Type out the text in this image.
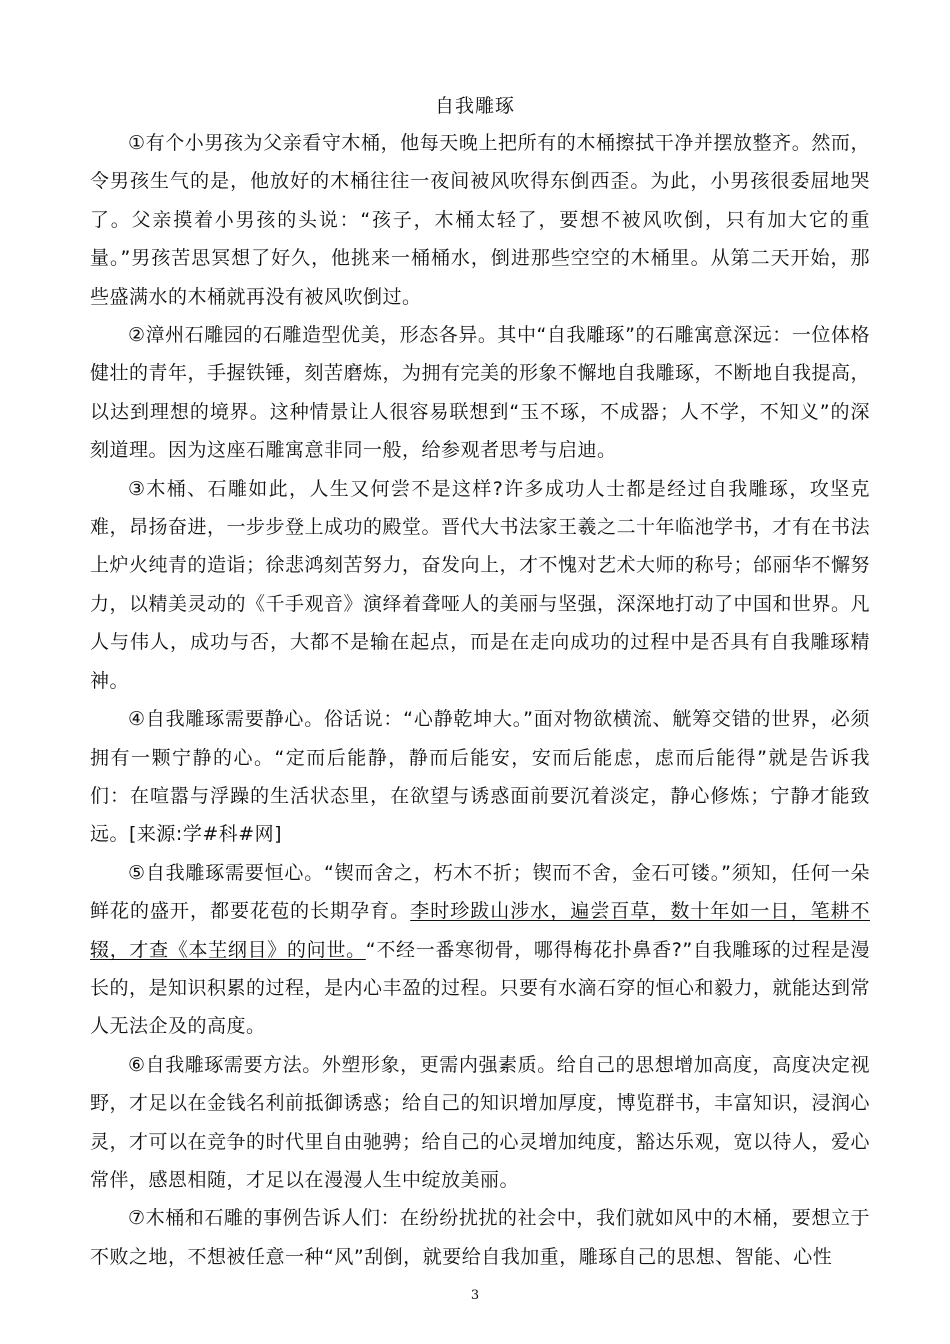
自我雕琢

①有个小男孩为父亲看守木桶，他每天晚上把所有的木桶擦拭干净并摆放整齐。然而，令男孩生气的是，他放好的木桶往往一夜间被风吹得东倒西歪。为此，小男孩很委屈地哭了。父亲摸着小男孩的头说：“孩子，木桶太轻了，要想不被风吹倒，只有加大它的重量。”男孩苦思冥想了好久，他挑来一桶桶水，倒进那些空空的木桶里。从第二天开始，那些盛满水的木桶就再没有被风吹倒过。

②漳州石雕园的石雕造型优美，形态各异。其中“自我雕琢”的石雕寓意深远：一位体格健壮的青年，手握铁锤，刻苦磨炼，为拥有完美的形象不懈地自我雕琢，不断地自我提高，以达到理想的境界。这种情景让人很容易联想到“玉不琢，不成器；人不学，不知义”的深刻道理。因为这座石雕寓意非同一般，给参观者思考与启迪。

③木桶、石雕如此，人生又何尝不是这样?许多成功人士都是经过自我雕琢，攻坚克难，昂扬奋进，一步步登上成功的殿堂。晋代大书法家王羲之二十年临池学书，才有在书法上炉火纯青的造诣；徐悲鸿刻苦努力，奋发向上，才不愧对艺术大师的称号；邰丽华不懈努力，以精美灵动的《千手观音》演绎着聋哑人的美丽与坚强，深深地打动了中国和世界。凡人与伟人，成功与否，大都不是输在起点，而是在走向成功的过程中是否具有自我雕琢精神。

④自我雕琢需要静心。俗话说：“心静乾坤大。”面对物欲横流、觥筹交错的世界，必须拥有一颗宁静的心。“定而后能静，静而后能安，安而后能虑，虑而后能得”就是告诉我们：在喧嚣与浮躁的生活状态里，在欲望与诱惑面前要沉着淡定，静心修炼；宁静才能致远。[来源:学#科#网]

⑤自我雕琢需要恒心。“锲而舍之，朽木不折；锲而不舍，金石可镂。”须知，任何一朵鲜花的盛开，都要花苞的长期孕育。李时珍跋山涉水，遍尝百草，数十年如一日，笔耕不辍，才查《本芏纲目》的问世。“不经一番寒彻骨，哪得梅花扑鼻香?”自我雕琢的过程是漫长的，是知识积累的过程，是内心丰盈的过程。只要有水滴石穿的恒心和毅力，就能达到常人无法企及的高度。

⑥自我雕琢需要方法。外塑形象，更需内强素质。给自己的思想增加高度，高度决定视野，才足以在金钱名利前抵御诱惑；给自己的知识增加厚度，博览群书，丰富知识，浸润心灵，才可以在竞争的时代里自由驰骋；给自己的心灵增加纯度，豁达乐观，宽以待人，爱心常伴，感恩相随，才足以在漫漫人生中绽放美丽。

⑦木桶和石雕的事例告诉人们：在纷纷扰扰的社会中，我们就如风中的木桶，要想立于不败之地，不想被任意一种“风”刮倒，就要给自我加重，雕琢自己的思想、智能、心性

3
